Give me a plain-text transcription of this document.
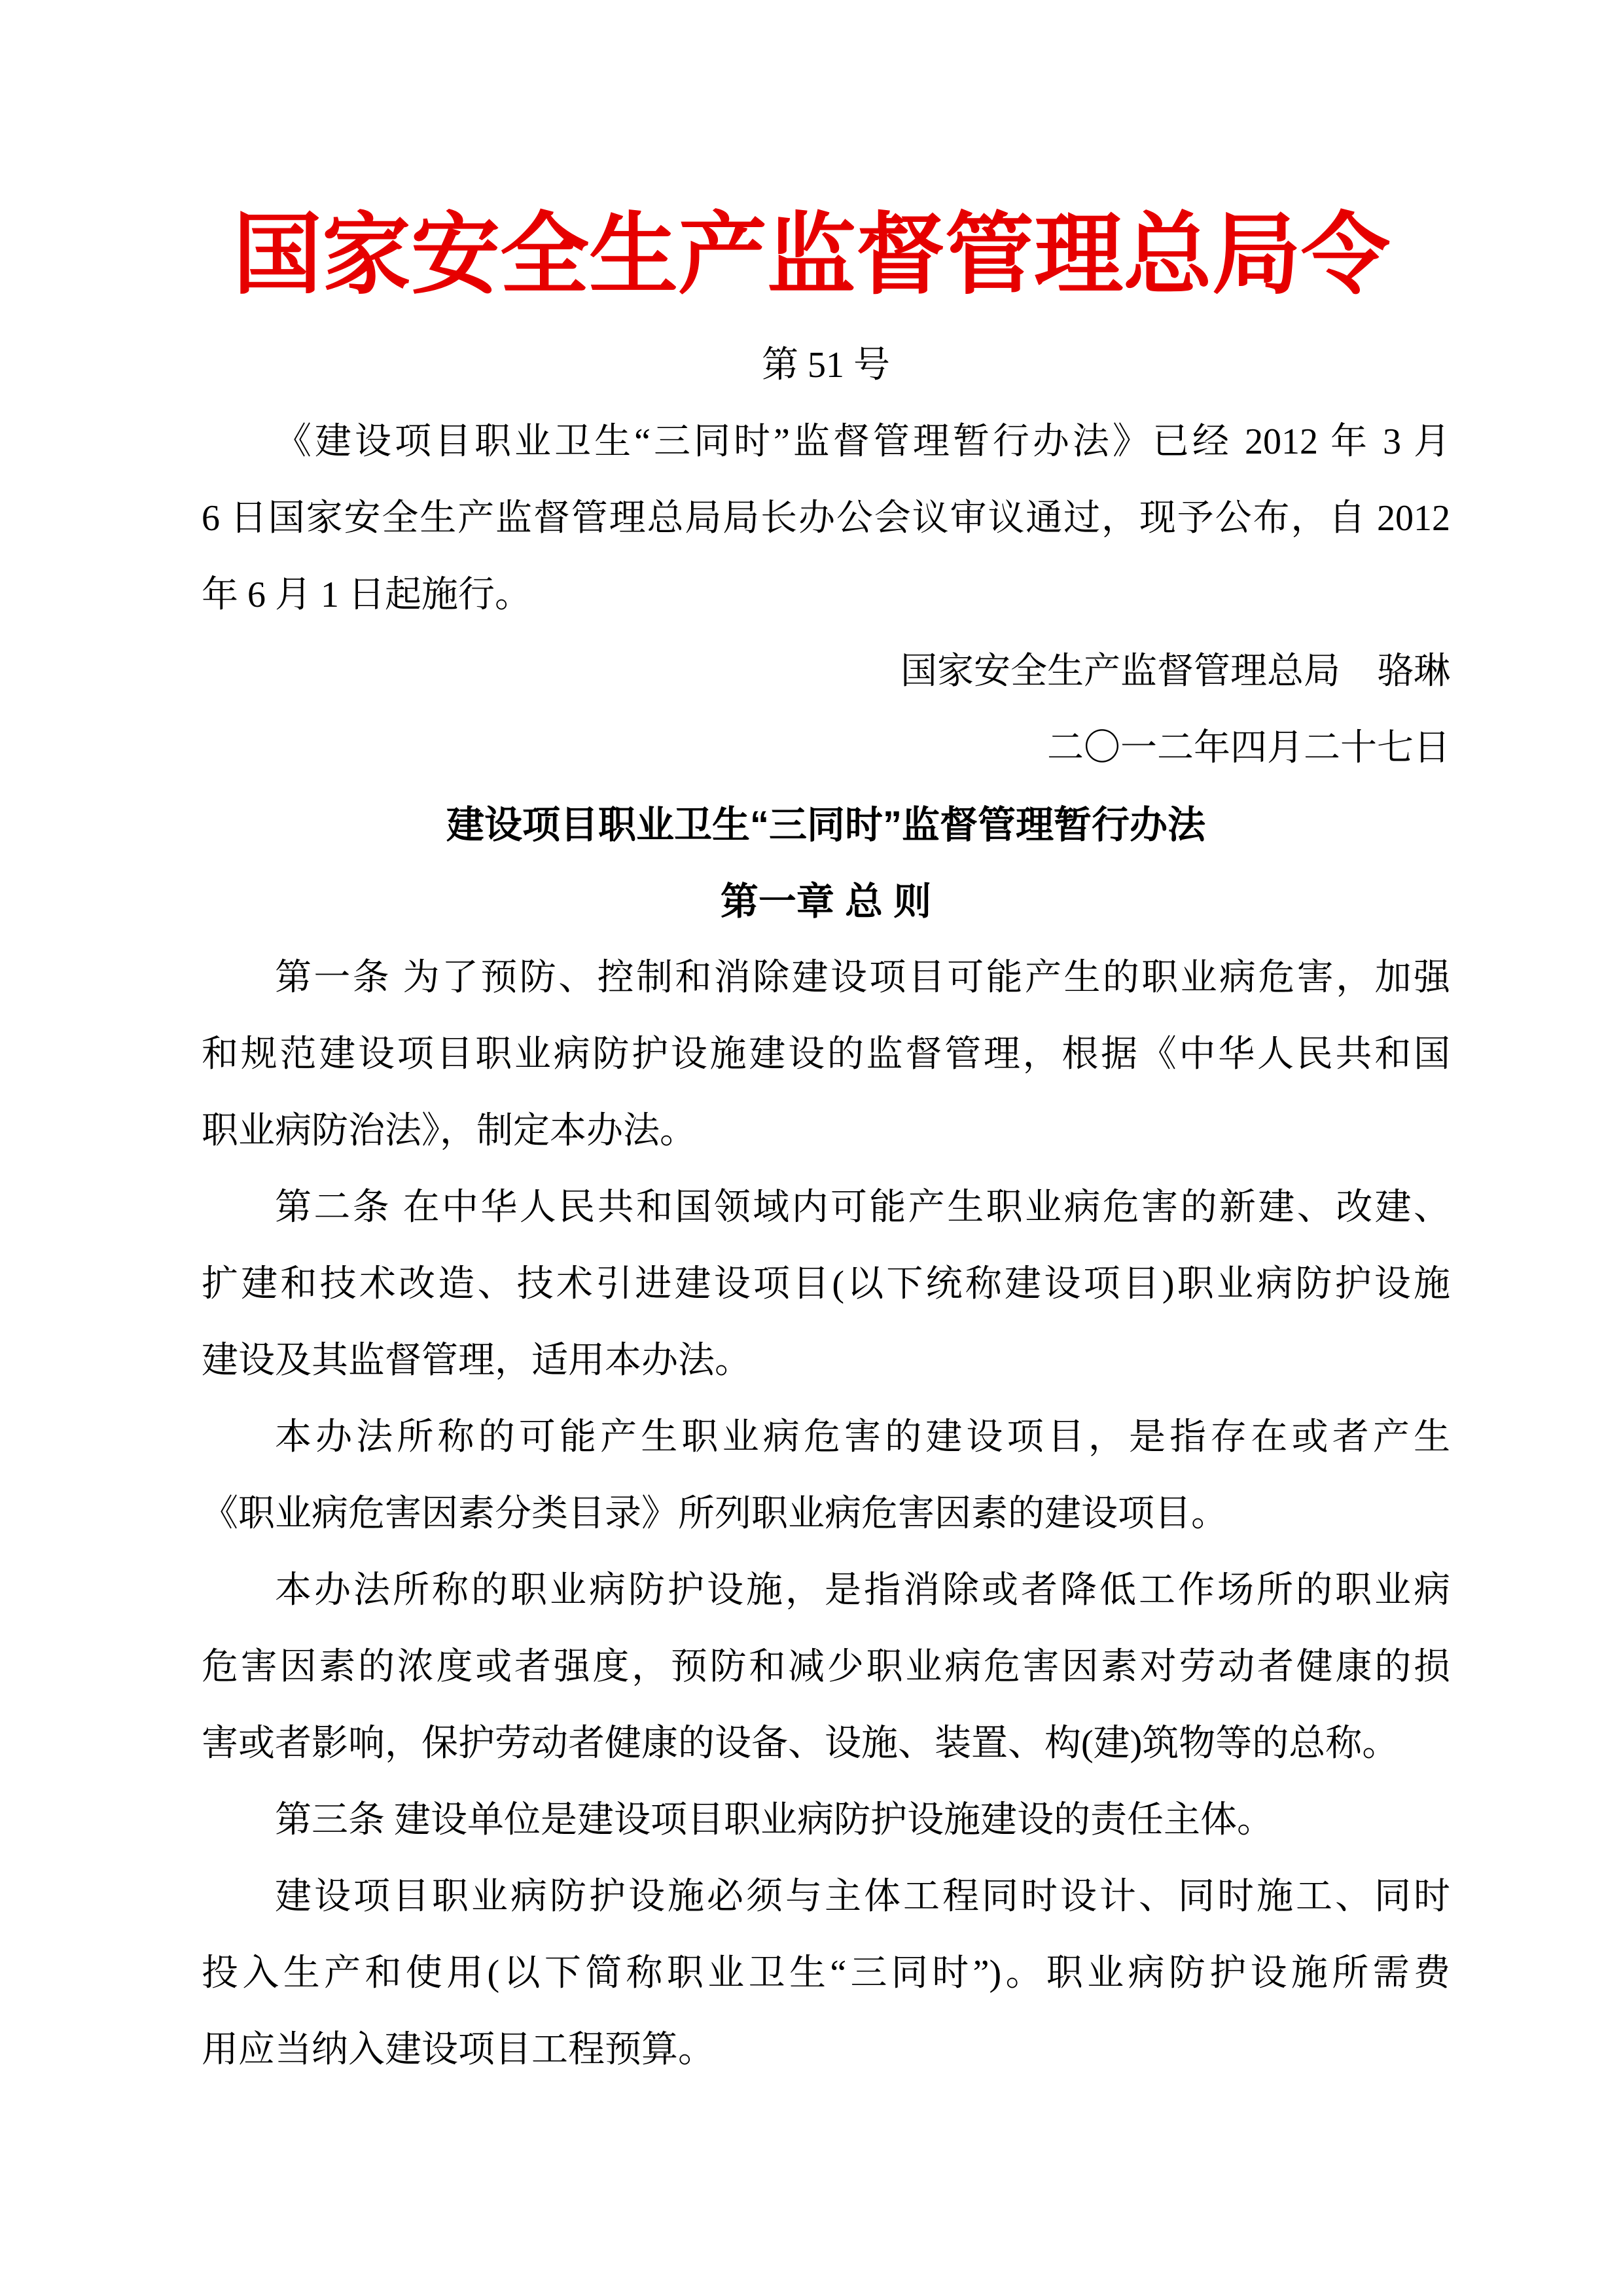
国家安全生产监督管理总局令
第 51 号
《建设项目职业卫生“三同时”监督管理暂行办法》已经 2012 年 3 月
6 日国家安全生产监督管理总局局长办公会议审议通过，现予公布，自 2012
年 6 月 1 日起施行。
国家安全生产监督管理总局　骆琳
二〇一二年四月二十七日
建设项目职业卫生“三同时”监督管理暂行办法
第一章 总 则
第一条 为了预防、控制和消除建设项目可能产生的职业病危害，加强
和规范建设项目职业病防护设施建设的监督管理，根据《中华人民共和国
职业病防治法》，制定本办法。
第二条 在中华人民共和国领域内可能产生职业病危害的新建、改建、
扩建和技术改造、技术引进建设项目(以下统称建设项目)职业病防护设施
建设及其监督管理，适用本办法。
本办法所称的可能产生职业病危害的建设项目，是指存在或者产生
《职业病危害因素分类目录》所列职业病危害因素的建设项目。
本办法所称的职业病防护设施，是指消除或者降低工作场所的职业病
危害因素的浓度或者强度，预防和减少职业病危害因素对劳动者健康的损
害或者影响，保护劳动者健康的设备、设施、装置、构(建)筑物等的总称。
第三条 建设单位是建设项目职业病防护设施建设的责任主体。
建设项目职业病防护设施必须与主体工程同时设计、同时施工、同时
投入生产和使用(以下简称职业卫生“三同时”)。职业病防护设施所需费
用应当纳入建设项目工程预算。
